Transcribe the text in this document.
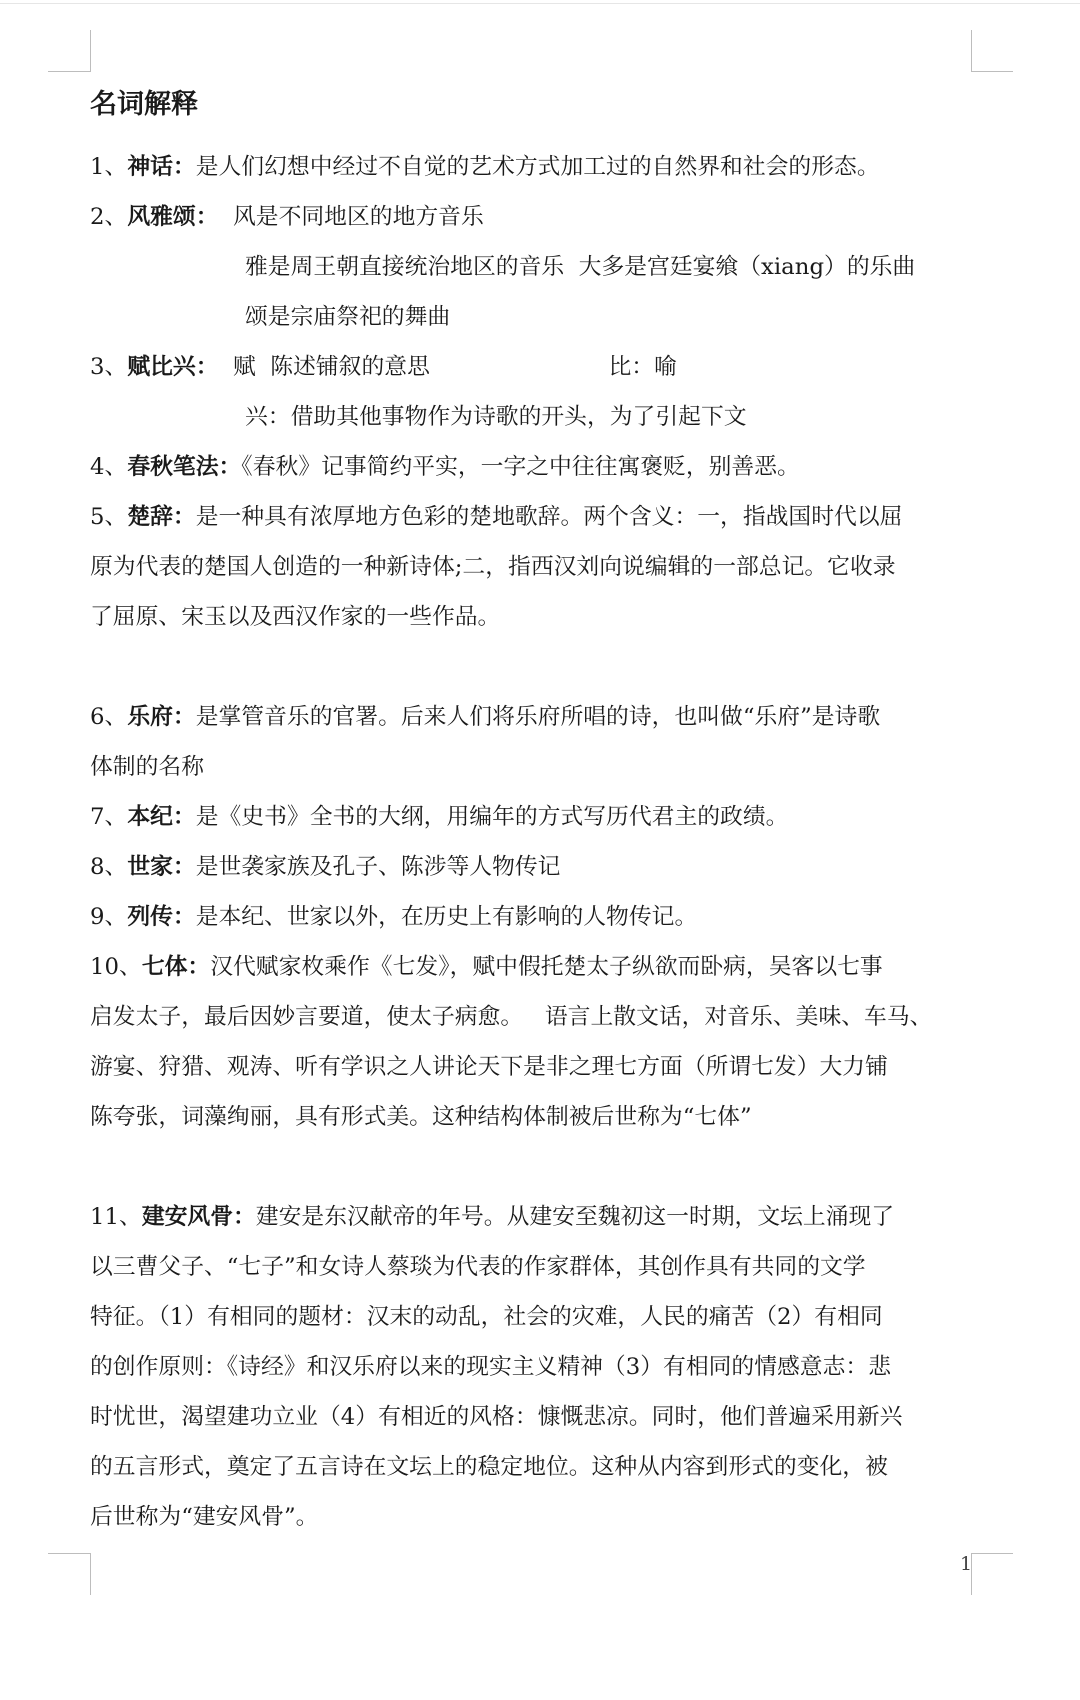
名词解释

1、神话：是人们幻想中经过不自觉的艺术方式加工过的自然界和社会的形态。

2、风雅颂：  风是不同地区的地方音乐

雅是周王朝直接统治地区的音乐  大多是宫廷宴飨（xiang）的乐曲

颂是宗庙祭祀的舞曲

3、赋比兴：  赋  陈述铺叙的意思	比：喻

兴：借助其他事物作为诗歌的开头，为了引起下文

4、春秋笔法：《春秋》记事简约平实，一字之中往往寓褒贬，别善恶。

5、楚辞：是一种具有浓厚地方色彩的楚地歌辞。两个含义：一，指战国时代以屈

原为代表的楚国人创造的一种新诗体;二，指西汉刘向说编辑的一部总记。它收录

了屈原、宋玉以及西汉作家的一些作品。

6、乐府：是掌管音乐的官署。后来人们将乐府所唱的诗，也叫做“乐府”是诗歌

体制的名称

7、本纪：是《史书》全书的大纲，用编年的方式写历代君主的政绩。

8、世家：是世袭家族及孔子、陈涉等人物传记

9、列传：是本纪、世家以外，在历史上有影响的人物传记。

10、七体：汉代赋家枚乘作《七发》，赋中假托楚太子纵欲而卧病，吴客以七事

启发太子，最后因妙言要道，使太子病愈。   语言上散文话，对音乐、美味、车马、

游宴、狩猎、观涛、听有学识之人讲论天下是非之理七方面（所谓七发）大力铺

陈夸张，词藻绚丽，具有形式美。这种结构体制被后世称为“七体”

11、建安风骨：建安是东汉献帝的年号。从建安至魏初这一时期，文坛上涌现了

以三曹父子、“七子”和女诗人蔡琰为代表的作家群体，其创作具有共同的文学

特征。（1）有相同的题材：汉末的动乱，社会的灾难，人民的痛苦（2）有相同

的创作原则：《诗经》和汉乐府以来的现实主义精神（3）有相同的情感意志：悲

时忧世，渴望建功立业（4）有相近的风格：慷慨悲凉。同时，他们普遍采用新兴

的五言形式，奠定了五言诗在文坛上的稳定地位。这种从内容到形式的变化，被

后世称为“建安风骨”。

1
